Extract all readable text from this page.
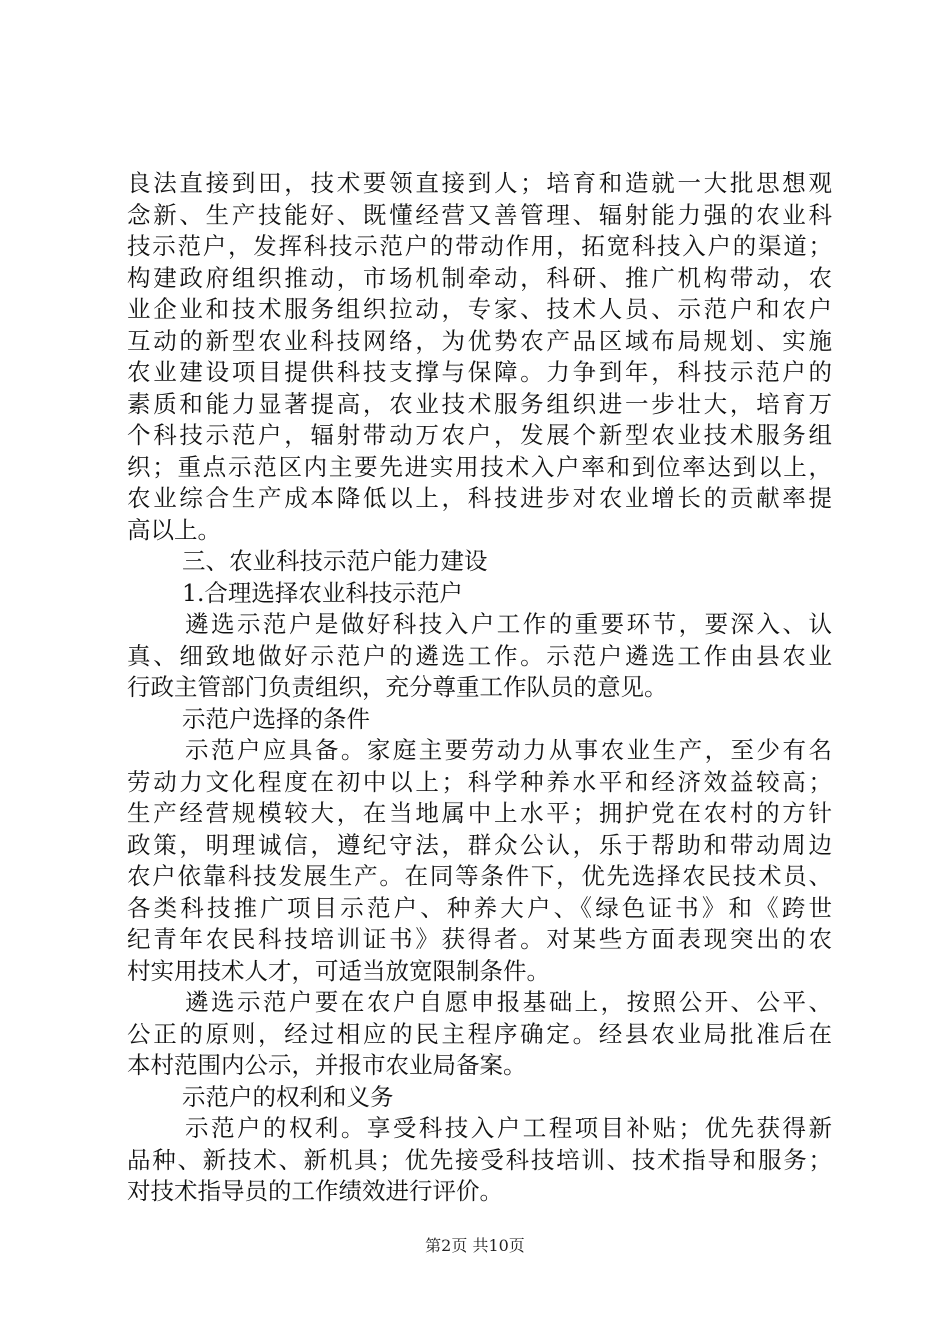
良法直接到田，技术要领直接到人；培育和造就一大批思想观
念新、生产技能好、既懂经营又善管理、辐射能力强的农业科
技示范户，发挥科技示范户的带动作用，拓宽科技入户的渠道；
构建政府组织推动，市场机制牵动，科研、推广机构带动，农
业企业和技术服务组织拉动，专家、技术人员、示范户和农户
互动的新型农业科技网络，为优势农产品区域布局规划、实施
农业建设项目提供科技支撑与保障。力争到年，科技示范户的
素质和能力显著提高，农业技术服务组织进一步壮大，培育万
个科技示范户，辐射带动万农户，发展个新型农业技术服务组
织；重点示范区内主要先进实用技术入户率和到位率达到以上，
农业综合生产成本降低以上，科技进步对农业增长的贡献率提
高以上。
三、农业科技示范户能力建设
1.合理选择农业科技示范户
遴选示范户是做好科技入户工作的重要环节，要深入、认
真、细致地做好示范户的遴选工作。示范户遴选工作由县农业
行政主管部门负责组织，充分尊重工作队员的意见。
示范户选择的条件
示范户应具备。家庭主要劳动力从事农业生产，至少有名
劳动力文化程度在初中以上；科学种养水平和经济效益较高；
生产经营规模较大，在当地属中上水平；拥护党在农村的方针
政策，明理诚信，遵纪守法，群众公认，乐于帮助和带动周边
农户依靠科技发展生产。在同等条件下，优先选择农民技术员、
各类科技推广项目示范户、种养大户、《绿色证书》和《跨世
纪青年农民科技培训证书》获得者。对某些方面表现突出的农
村实用技术人才，可适当放宽限制条件。
遴选示范户要在农户自愿申报基础上，按照公开、公平、
公正的原则，经过相应的民主程序确定。经县农业局批准后在
本村范围内公示，并报市农业局备案。
示范户的权利和义务
示范户的权利。享受科技入户工程项目补贴；优先获得新
品种、新技术、新机具；优先接受科技培训、技术指导和服务；
对技术指导员的工作绩效进行评价。
第2页 共10页
